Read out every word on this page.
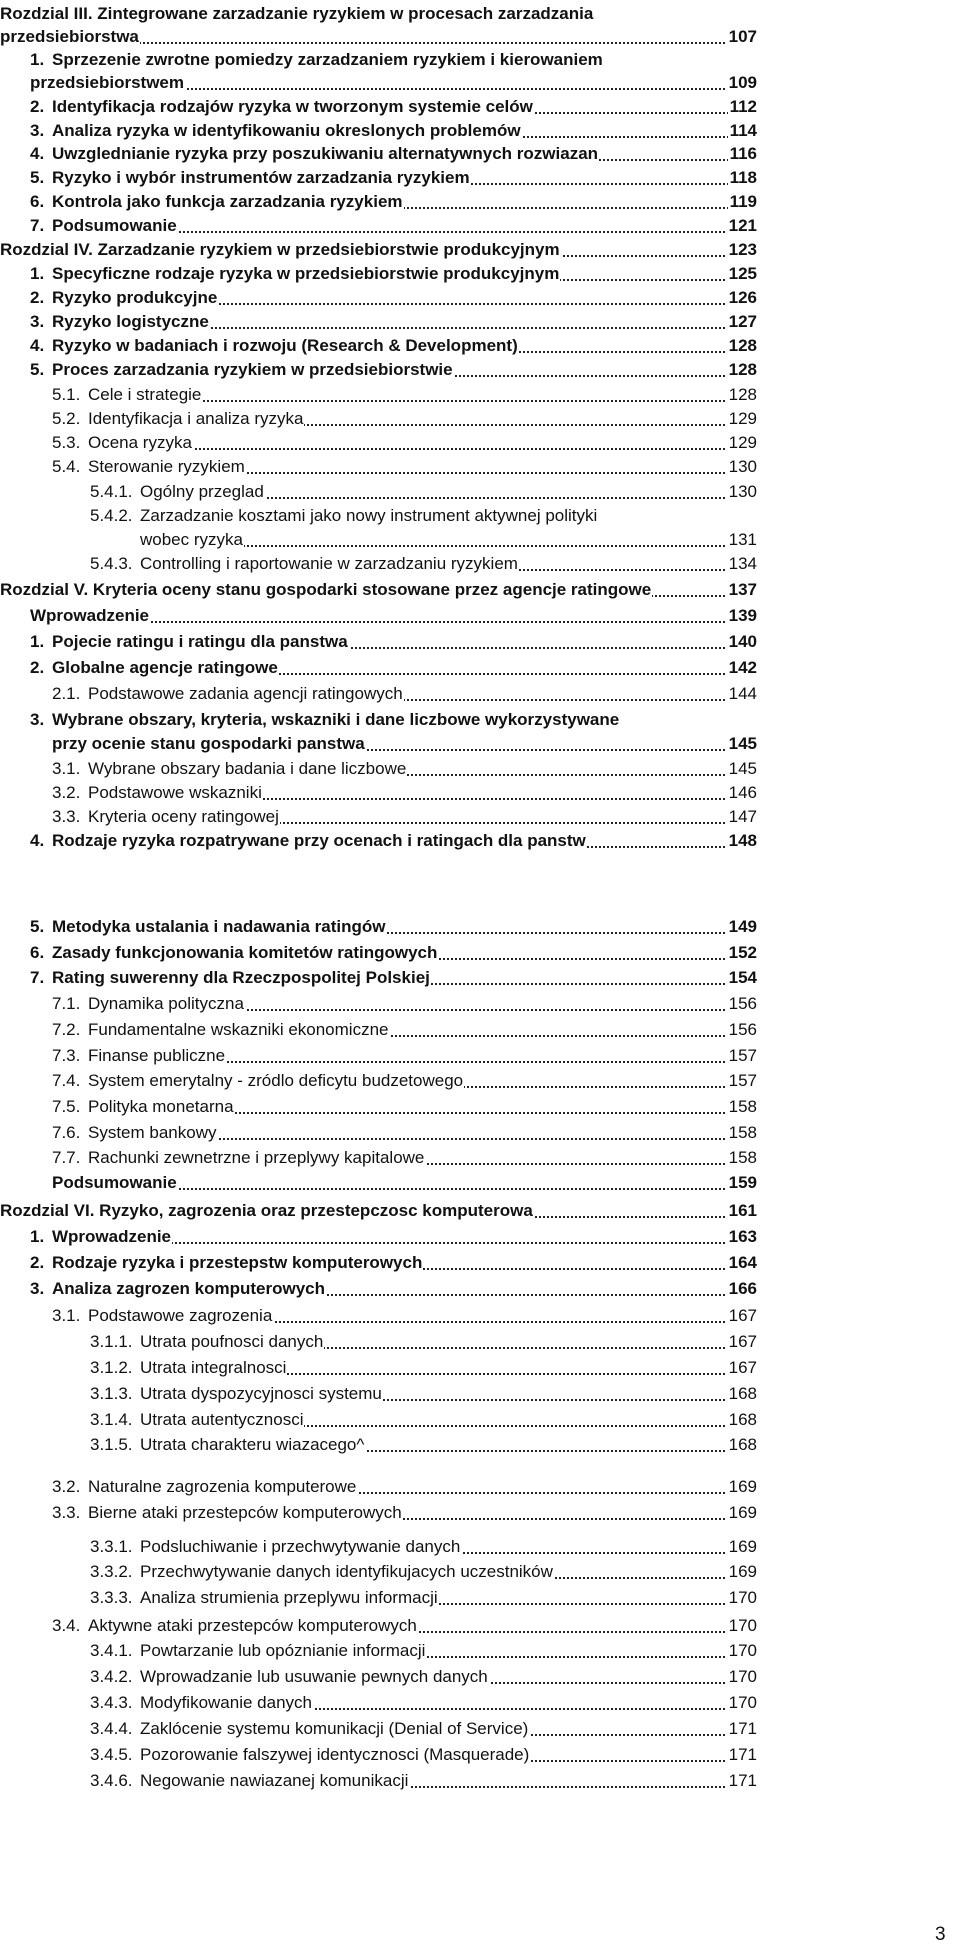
Rozdzial III. Zintegrowane zarzadzanie ryzykiem w procesach zarzadzania
przedsiebiorstwa	107
1. Sprzezenie zwrotne pomiedzy zarzadzaniem ryzykiem i kierowaniem
przedsiebiorstwem	109
2. Identyfikacja rodzajów ryzyka w tworzonym systemie celów	112
3. Analiza ryzyka w identyfikowaniu okreslonych problemów	114
4. Uwzglednianie ryzyka przy poszukiwaniu alternatywnych rozwiazan	116
5. Ryzyko i wybór instrumentów zarzadzania ryzykiem	118
6. Kontrola jako funkcja zarzadzania ryzykiem	119
7. Podsumowanie	121
Rozdzial IV. Zarzadzanie ryzykiem w przedsiebiorstwie produkcyjnym	123
1. Specyficzne rodzaje ryzyka w przedsiebiorstwie produkcyjnym	125
2. Ryzyko produkcyjne	126
3. Ryzyko logistyczne	127
4. Ryzyko w badaniach i rozwoju (Research & Development)	128
5. Proces zarzadzania ryzykiem w przedsiebiorstwie	128
5.1. Cele i strategie	128
5.2. Identyfikacja i analiza ryzyka	129
5.3. Ocena ryzyka	129
5.4. Sterowanie ryzykiem	130
5.4.1. Ogólny przeglad	130
5.4.2. Zarzadzanie kosztami jako nowy instrument aktywnej polityki
wobec ryzyka	131
5.4.3. Controlling i raportowanie w zarzadzaniu ryzykiem	134
Rozdzial V. Kryteria oceny stanu gospodarki stosowane przez agencje ratingowe	137
Wprowadzenie	139
1. Pojecie ratingu i ratingu dla panstwa	140
2. Globalne agencje ratingowe	142
2.1. Podstawowe zadania agencji ratingowych	144
3. Wybrane obszary, kryteria, wskazniki i dane liczbowe wykorzystywane
przy ocenie stanu gospodarki panstwa	145
3.1. Wybrane obszary badania i dane liczbowe	145
3.2. Podstawowe wskazniki	146
3.3. Kryteria oceny ratingowej	147
4. Rodzaje ryzyka rozpatrywane przy ocenach i ratingach dla panstw	148
5. Metodyka ustalania i nadawania ratingów	149
6. Zasady funkcjonowania komitetów ratingowych	152
7. Rating suwerenny dla Rzeczpospolitej Polskiej	154
7.1. Dynamika polityczna	156
7.2. Fundamentalne wskazniki ekonomiczne	156
7.3. Finanse publiczne	157
7.4. System emerytalny - zródlo deficytu budzetowego	157
7.5. Polityka monetarna	158
7.6. System bankowy	158
7.7. Rachunki zewnetrzne i przeplywy kapitalowe	158
Podsumowanie	159
Rozdzial VI. Ryzyko, zagrozenia oraz przestepczosc komputerowa	161
1. Wprowadzenie	163
2. Rodzaje ryzyka i przestepstw komputerowych	164
3. Analiza zagrozen komputerowych	166
3.1. Podstawowe zagrozenia	167
3.1.1. Utrata poufnosci danych	167
3.1.2. Utrata integralnosci	167
3.1.3. Utrata dyspozycyjnosci systemu	168
3.1.4. Utrata autentycznosci	168
3.1.5. Utrata charakteru wiazacego^	168
3.2. Naturalne zagrozenia komputerowe	169
3.3. Bierne ataki przestepców komputerowych	169
3.3.1. Podsluchiwanie i przechwytywanie danych	169
3.3.2. Przechwytywanie danych identyfikujacych uczestników	169
3.3.3. Analiza strumienia przeplywu informacji	170
3.4. Aktywne ataki przestepców komputerowych	170
3.4.1. Powtarzanie lub opóznianie informacji	170
3.4.2. Wprowadzanie lub usuwanie pewnych danych	170
3.4.3. Modyfikowanie danych	170
3.4.4. Zaklócenie systemu komunikacji (Denial of Service)	171
3.4.5. Pozorowanie falszywej identycznosci (Masquerade)	171
3.4.6. Negowanie nawiazanej komunikacji	171
3
